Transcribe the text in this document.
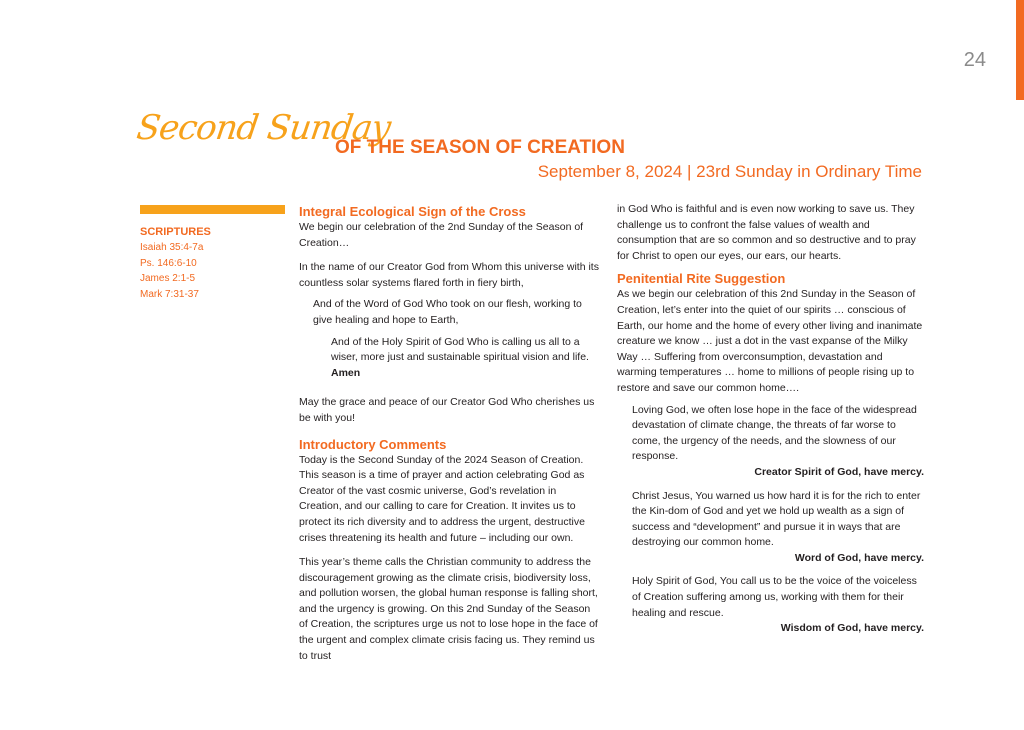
24
Second Sunday
OF THE SEASON OF CREATION
September 8, 2024 | 23rd Sunday in Ordinary Time
SCRIPTURES
Isaiah 35:4-7a
Ps. 146:6-10
James 2:1-5
Mark 7:31-37
Integral Ecological Sign of the Cross

We begin our celebration of the 2nd Sunday of the Season of Creation…

In the name of our Creator God from Whom this universe with its countless solar systems flared forth in fiery birth,

And of the Word of God Who took on our flesh, working to give healing and hope to Earth,

And of the Holy Spirit of God Who is calling us all to a wiser, more just and sustainable spiritual vision and life. Amen

May the grace and peace of our Creator God Who cherishes us be with you!

Introductory Comments

Today is the Second Sunday of the 2024 Season of Creation. This season is a time of prayer and action celebrating God as Creator of the vast cosmic universe, God’s revelation in Creation, and our calling to care for Creation. It invites us to protect its rich diversity and to address the urgent, destructive crises threatening its health and future – including our own.

This year’s theme calls the Christian community to address the discouragement growing as the climate crisis, biodiversity loss, and pollution worsen, the global human response is falling short, and the urgency is growing. On this 2nd Sunday of the Season of Creation, the scriptures urge us not to lose hope in the face of the urgent and complex climate crisis facing us. They remind us to trust

in God Who is faithful and is even now working to save us. They challenge us to confront the false values of wealth and consumption that are so common and so destructive and to pray for Christ to open our eyes, our ears, our hearts.

Penitential Rite Suggestion

As we begin our celebration of this 2nd Sunday in the Season of Creation, let’s enter into the quiet of our spirits … conscious of Earth, our home and the home of every other living and inanimate creature we know … just a dot in the vast expanse of the Milky Way … Suffering from overconsumption, devastation and warming temperatures … home to millions of people rising up to restore and save our common home….

Loving God, we often lose hope in the face of the widespread devastation of climate change, the threats of far worse to come, the urgency of the needs, and the slowness of our response.

Creator Spirit of God, have mercy.

Christ Jesus, You warned us how hard it is for the rich to enter the Kin-dom of God and yet we hold up wealth as a sign of success and “development” and pursue it in ways that are destroying our common home.

Word of God, have mercy.

Holy Spirit of God, You call us to be the voice of the voiceless of Creation suffering among us, working with them for their healing and rescue.

Wisdom of God, have mercy.
